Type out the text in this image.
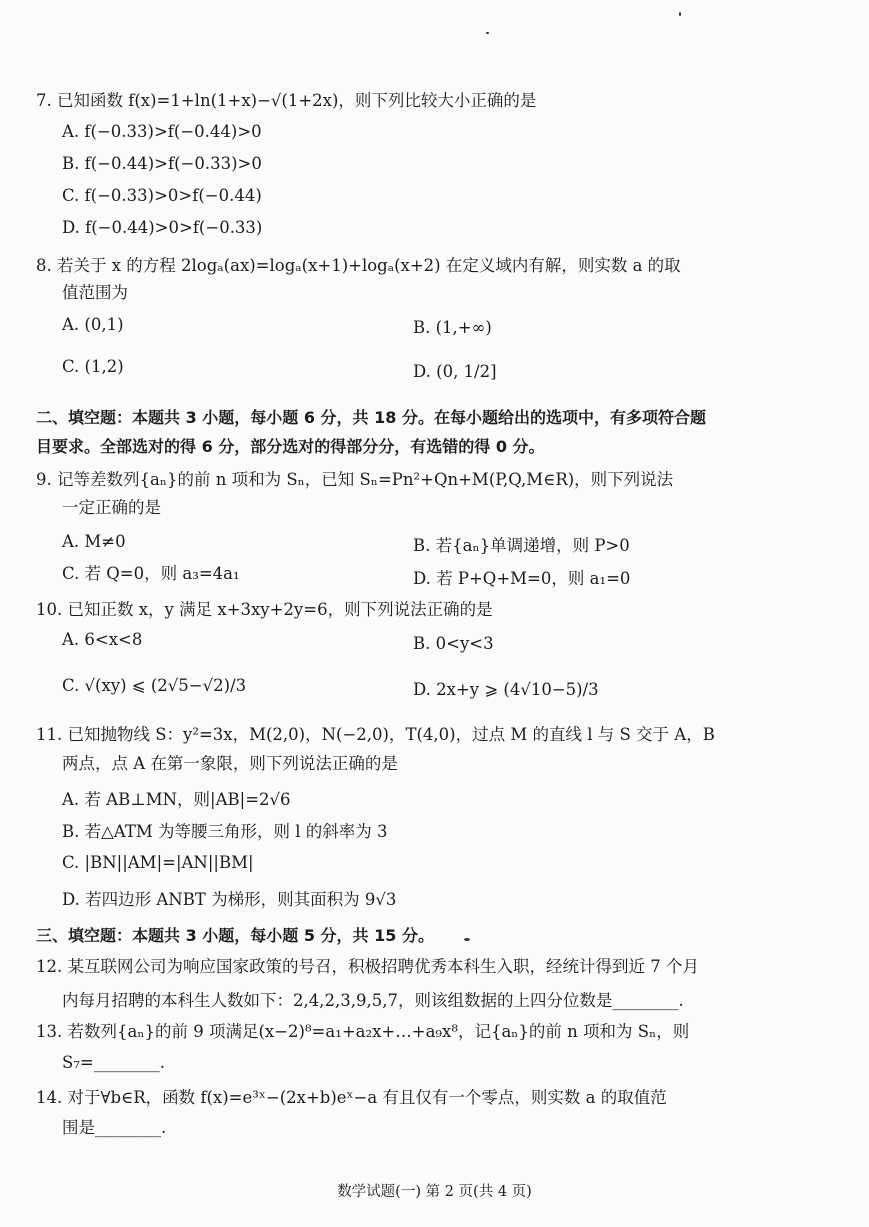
7. 已知函数 f(x)=1+ln(1+x)−√(1+2x)，则下列比较大小正确的是
A. f(−0.33)>f(−0.44)>0
B. f(−0.44)>f(−0.33)>0
C. f(−0.33)>0>f(−0.44)
D. f(−0.44)>0>f(−0.33)
8. 若关于 x 的方程 2logₐ(ax)=logₐ(x+1)+logₐ(x+2) 在定义域内有解，则实数 a 的取
值范围为
A. (0,1)	B. (1,+∞)
C. (1,2)	D. (0, 1/2]
二、填空题：本题共 3 小题，每小题 6 分，共 18 分。在每小题给出的选项中，有多项符合题
目要求。全部选对的得 6 分，部分选对的得部分分，有选错的得 0 分。
9. 记等差数列{aₙ}的前 n 项和为 Sₙ，已知 Sₙ=Pn²+Qn+M(P,Q,M∈R)，则下列说法
一定正确的是
A. M≠0	B. 若{aₙ}单调递增，则 P>0
C. 若 Q=0，则 a₃=4a₁	D. 若 P+Q+M=0，则 a₁=0
10. 已知正数 x，y 满足 x+3xy+2y=6，则下列说法正确的是
A. 6<x<8	B. 0<y<3
C. √(xy) ⩽ (2√5−√2)/3	D. 2x+y ⩾ (4√10−5)/3
11. 已知抛物线 S：y²=3x，M(2,0)，N(−2,0)，T(4,0)，过点 M 的直线 l 与 S 交于 A，B
两点，点 A 在第一象限，则下列说法正确的是
A. 若 AB⊥MN，则|AB|=2√6
B. 若△ATM 为等腰三角形，则 l 的斜率为 3
C. |BN||AM|=|AN||BM|
D. 若四边形 ANBT 为梯形，则其面积为 9√3
三、填空题：本题共 3 小题，每小题 5 分，共 15 分。
12. 某互联网公司为响应国家政策的号召，积极招聘优秀本科生入职，经统计得到近 7 个月
内每月招聘的本科生人数如下：2,4,2,3,9,5,7，则该组数据的上四分位数是________.
13. 若数列{aₙ}的前 9 项满足(x−2)⁸=a₁+a₂x+…+a₉x⁸，记{aₙ}的前 n 项和为 Sₙ，则
S₇=________.
14. 对于∀b∈R，函数 f(x)=e³ˣ−(2x+b)eˣ−a 有且仅有一个零点，则实数 a 的取值范
围是________.
数学试题(一) 第 2 页(共 4 页)
